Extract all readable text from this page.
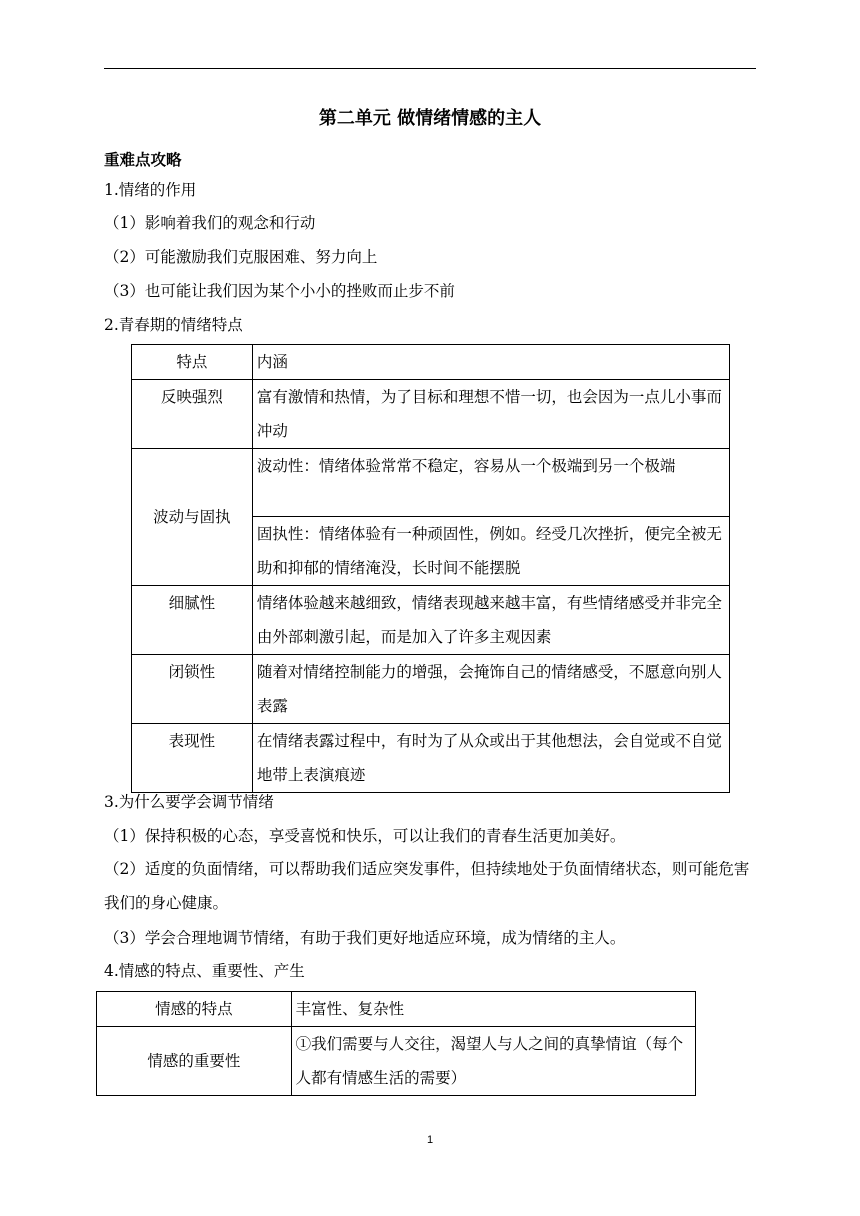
第二单元 做情绪情感的主人
重难点攻略
1.情绪的作用
（1）影响着我们的观念和行动
（2）可能激励我们克服困难、努力向上
（3）也可能让我们因为某个小小的挫败而止步不前
2.青春期的情绪特点
特点	内涵
反映强烈	富有激情和热情，为了目标和理想不惜一切，也会因为一点儿小事而冲动
波动与固执	波动性：情绪体验常常不稳定，容易从一个极端到另一个极端
	固执性：情绪体验有一种顽固性，例如。经受几次挫折，便完全被无助和抑郁的情绪淹没，长时间不能摆脱
细腻性	情绪体验越来越细致，情绪表现越来越丰富，有些情绪感受并非完全由外部刺激引起，而是加入了许多主观因素
闭锁性	随着对情绪控制能力的增强，会掩饰自己的情绪感受，不愿意向别人表露
表现性	在情绪表露过程中，有时为了从众或出于其他想法，会自觉或不自觉地带上表演痕迹
3.为什么要学会调节情绪
（1）保持积极的心态，享受喜悦和快乐，可以让我们的青春生活更加美好。
（2）适度的负面情绪，可以帮助我们适应突发事件，但持续地处于负面情绪状态，则可能危害我们的身心健康。
（3）学会合理地调节情绪，有助于我们更好地适应环境，成为情绪的主人。
4.情感的特点、重要性、产生
情感的特点	丰富性、复杂性
情感的重要性	①我们需要与人交往，渴望人与人之间的真挚情谊（每个人都有情感生活的需要）
1
